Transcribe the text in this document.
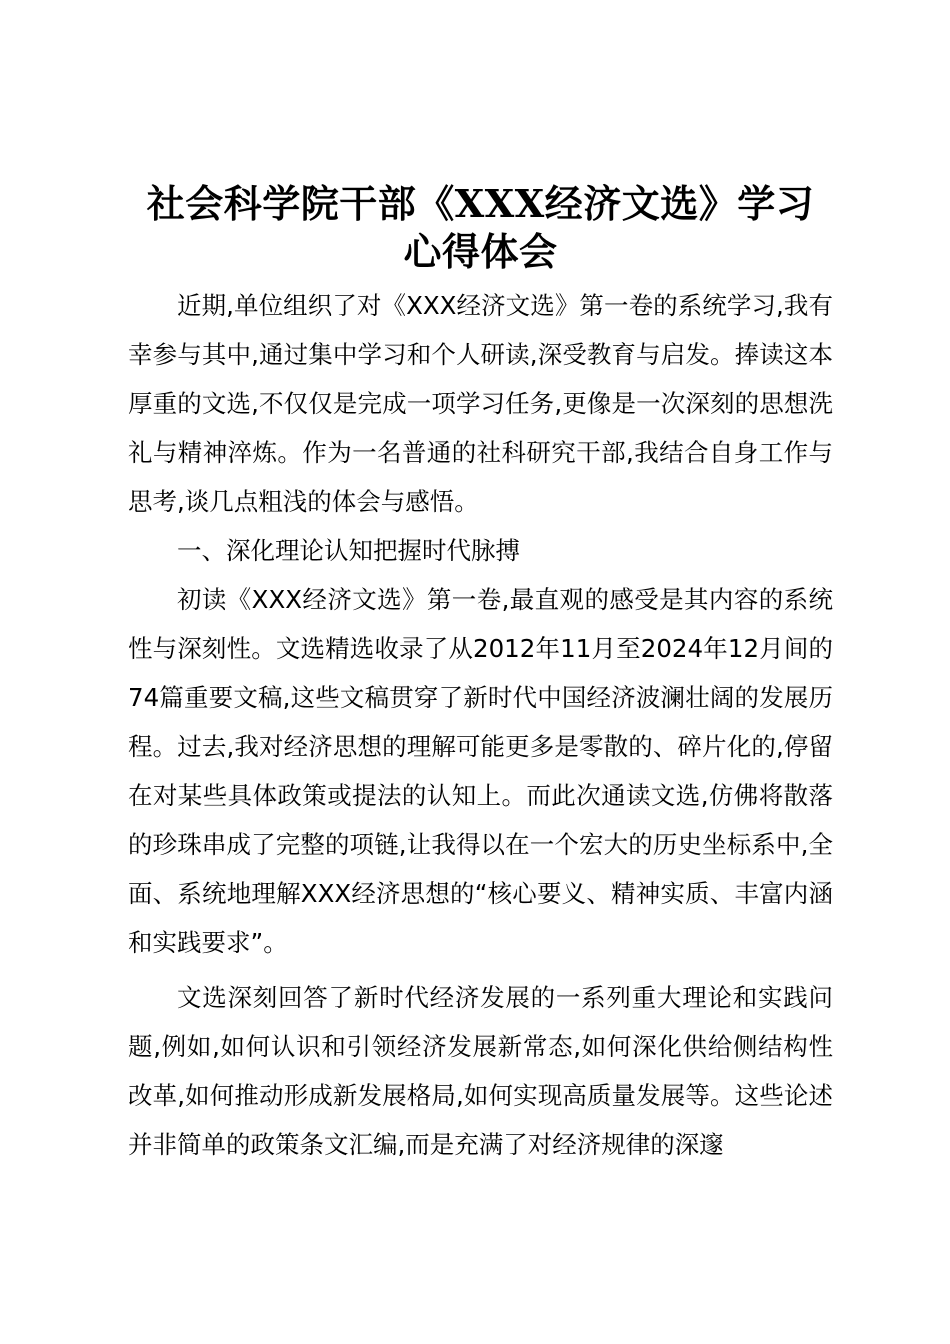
社会科学院干部《XXX经济文选》学习心得体会

近期,单位组织了对《XXX经济文选》第一卷的系统学习,我有幸参与其中,通过集中学习和个人研读,深受教育与启发。捧读这本厚重的文选,不仅仅是完成一项学习任务,更像是一次深刻的思想洗礼与精神淬炼。作为一名普通的社科研究干部,我结合自身工作与思考,谈几点粗浅的体会与感悟。

一、深化理论认知把握时代脉搏

初读《XXX经济文选》第一卷,最直观的感受是其内容的系统性与深刻性。文选精选收录了从2012年11月至2024年12月间的74篇重要文稿,这些文稿贯穿了新时代中国经济波澜壮阔的发展历程。过去,我对经济思想的理解可能更多是零散的、碎片化的,停留在对某些具体政策或提法的认知上。而此次通读文选,仿佛将散落的珍珠串成了完整的项链,让我得以在一个宏大的历史坐标系中,全面、系统地理解XXX经济思想的“核心要义、精神实质、丰富内涵和实践要求”。

文选深刻回答了新时代经济发展的一系列重大理论和实践问题,例如,如何认识和引领经济发展新常态,如何深化供给侧结构性改革,如何推动形成新发展格局,如何实现高质量发展等。这些论述并非简单的政策条文汇编,而是充满了对经济规律的深邃
